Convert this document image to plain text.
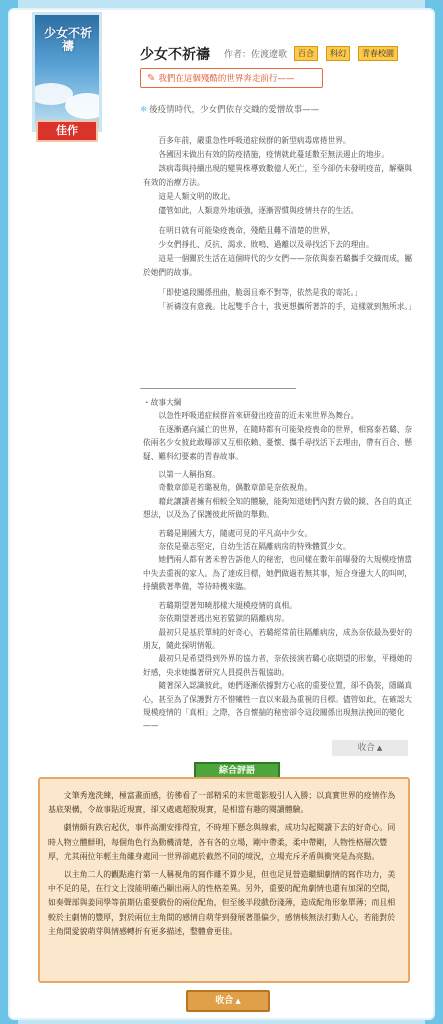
少女不祈禱
佳作
少女不祈禱 作者：佐渡遼歌	百合	科幻	青春校園
✎ 我們在這個殘酷的世界奔走前行——
❄ 後疫情時代，少女們依存交織的愛憎故事——

百多年前，嚴重急性呼吸道症候群的新型病毒席捲世界。

各國因未做出有效的防疫措施，疫情就此蔓延數至無法遏止的地步。

該病毒與持續出現的變異株導致數億人死亡，至今卻仍未發明疫苗，解藥與有效的治療方法。

這是人類文明的敗北。

儘管如此，人類意外地頑強，逐漸習慣與疫情共存的生活。

在明日就有可能染疫喪命，殘酷且難不清楚的世界，

少女們掙扎、反抗、渴求、敗嗚、過離以及尋找活下去的理由。

這是一個關於生活在這個時代的少女們——奈依與泰若璐攜手交織而成，屬於她們的故事。

「即使遠段關係扭曲，脆弱且牽不對等，依然是我的寄託。」

「祈禱沒有意義。比起雙手合十，我更想攜所著許的手，這樣就到無所求。」

・故事大綱

以急性呼吸道症候群首來研發出疫苗的近未來世界為舞台。

在逐漸邁向滅亡的世界，在隨時都有可能染疫喪命的世界，相寫泰若璐、奈依兩名少女彼此敢曝卻又互相依賴、憂懷、攜手尋找活下去理由，帶有百合、懸疑、難科幻要素的青春故事。

以第一人稱指寫。

奇數章節是若璐視角，偶數章節是奈依視角。

藉此讓讀者擁有相較全知的體驗，能夠知道她們內對方做的鏡、各自的真正想法，以及為了保護彼此所做的舉動。

若璐是剛國大方，隨處可見的平凡高中少女。

奈依是臺志堅定，自幼生活在隔離病房的特殊體質少女。

她們兩人都有著未曾告訴他人的秘密，也同樣在數年前曝發的大規模疫情當中失去重視的家人。為了達成目標，她們做過若無其事，短合身邊大人的叫呵，持續戲著準備，等待時機來臨。

若璐期望著知曉那樣大規模疫情的真相。

奈依期望著逃出宛若監獄的隔離病房。

最初只是基於單純的好奇心，若璐經常前往隔離病房，成為奈依最為要好的朋友，隨此探明情報。

最初只是希望得到外界的協力者，奈依接演若璐心底期望的形象，平穩她的好感，央求她攜著研究人員提供吾報協助。

隨著深入認識彼此，她們逐漸依據對方心底的重要位置，卻不偽裝，隱瞞真心，甚至為了保護對方不惜犧牲一直以來最為重視的目標。儘管如此，在確認大規模疫情的「真相」之際，各自懷揣的秘密卻令這段關係出現無法挽回的變化——

收合 ▲
綜合評語

文筆秀逸洗練，極富畫面感，彷彿看了一部精采的末世電影般引人入勝；以真實世界的疫情作為基底架構，令故事貼近現實，卻又處處超脫現實，是相當有趣的閱讀體驗。

劇情頗有跌宕起伏，事件高潮安排得宜，不時埋下懸念與線索，成功勾起閱讀下去的好奇心。同時人物立體鮮明，每個角色行為動機清楚，各有各的立場，剛中帶柔，柔中帶剛，人物性格層次豐厚，尤其兩位年輕主角雖身處同一世界卻處於截然不同的境況，立場充斥矛盾與衝突是為亮點。

以主角二人的觀點進行第一人稱視角的寫作雖不算少見，但也足見營造繼細劇情的寫作功力，美中不足的是，在行文上沒能明確凸顯出兩人的性格差異。另外，重要的配角劇情也還有加深的空間，如奏聲部與姜同學等前期佔重要戲份的兩位配角，但至後半段戲份淺薄，造成配角形象單薄；而且相較於主劇情的豐厚，對於兩位主角間的感情自萌芽到發展著墨偏少，感情核無法打動人心，若能對於主角間愛貌萌芽與情感轉折有更多描述，整體會更佳。

收合 ▲
